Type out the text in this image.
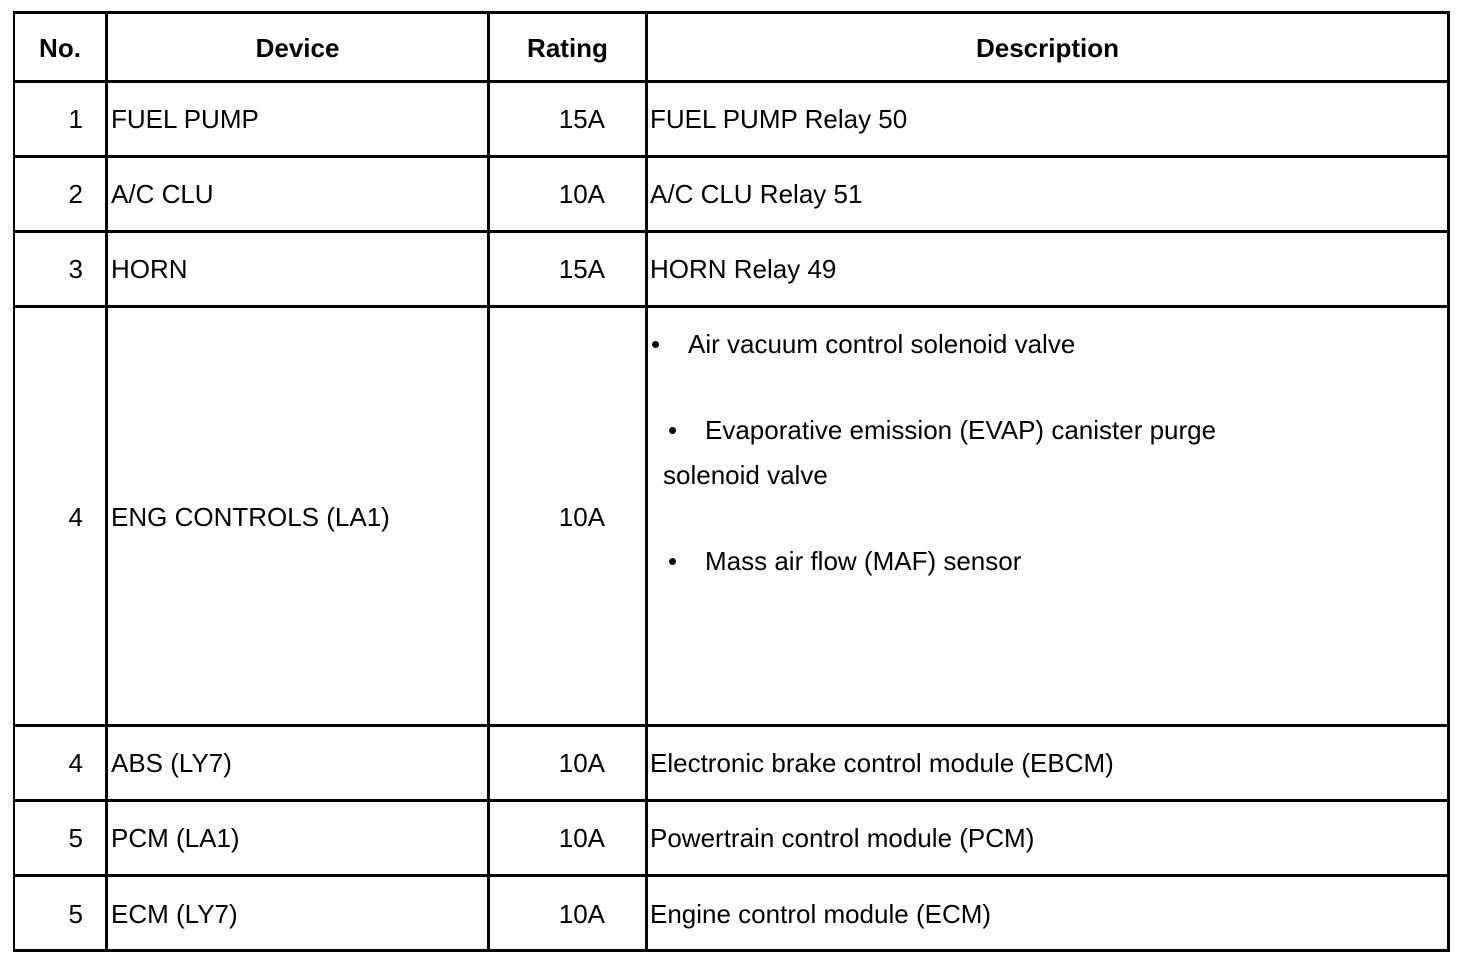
No.	Device	Rating	Description
1 FUEL PUMP	15A FUEL PUMP Relay 50
2 A/C CLU	10A A/C CLU Relay 51
3 HORN	15A HORN Relay 49
4 ENG CONTROLS (LA1)	10A
• Air vacuum control solenoid valve
• Evaporative emission (EVAP) canister purge
solenoid valve
• Mass air flow (MAF) sensor
4 ABS (LY7)	10A Electronic brake control module (EBCM)
5 PCM (LA1)	10A Powertrain control module (PCM)
5 ECM (LY7)	10A Engine control module (ECM)
